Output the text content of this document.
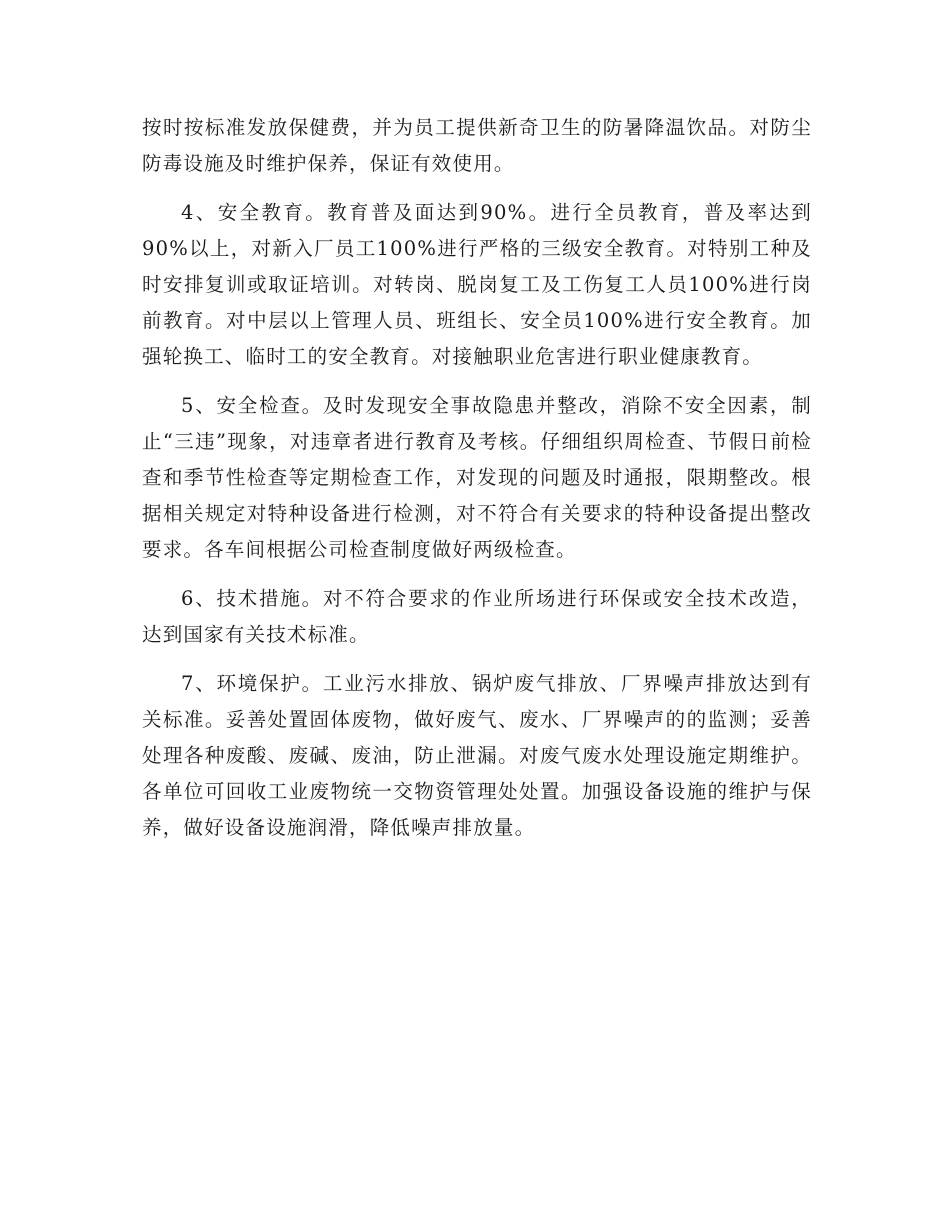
按时按标准发放保健费，并为员工提供新奇卫生的防暑降温饮品。对防尘防毒设施及时维护保养，保证有效使用。

4、安全教育。教育普及面达到90%。进行全员教育，普及率达到90%以上，对新入厂员工100%进行严格的三级安全教育。对特别工种及时安排复训或取证培训。对转岗、脱岗复工及工伤复工人员100%进行岗前教育。对中层以上管理人员、班组长、安全员100%进行安全教育。加强轮换工、临时工的安全教育。对接触职业危害进行职业健康教育。

5、安全检查。及时发现安全事故隐患并整改，消除不安全因素，制止“三违”现象，对违章者进行教育及考核。仔细组织周检查、节假日前检查和季节性检查等定期检查工作，对发现的问题及时通报，限期整改。根据相关规定对特种设备进行检测，对不符合有关要求的特种设备提出整改要求。各车间根据公司检查制度做好两级检查。

6、技术措施。对不符合要求的作业所场进行环保或安全技术改造，达到国家有关技术标准。

7、环境保护。工业污水排放、锅炉废气排放、厂界噪声排放达到有关标准。妥善处置固体废物，做好废气、废水、厂界噪声的的监测；妥善处理各种废酸、废碱、废油，防止泄漏。对废气废水处理设施定期维护。各单位可回收工业废物统一交物资管理处处置。加强设备设施的维护与保养，做好设备设施润滑，降低噪声排放量。
